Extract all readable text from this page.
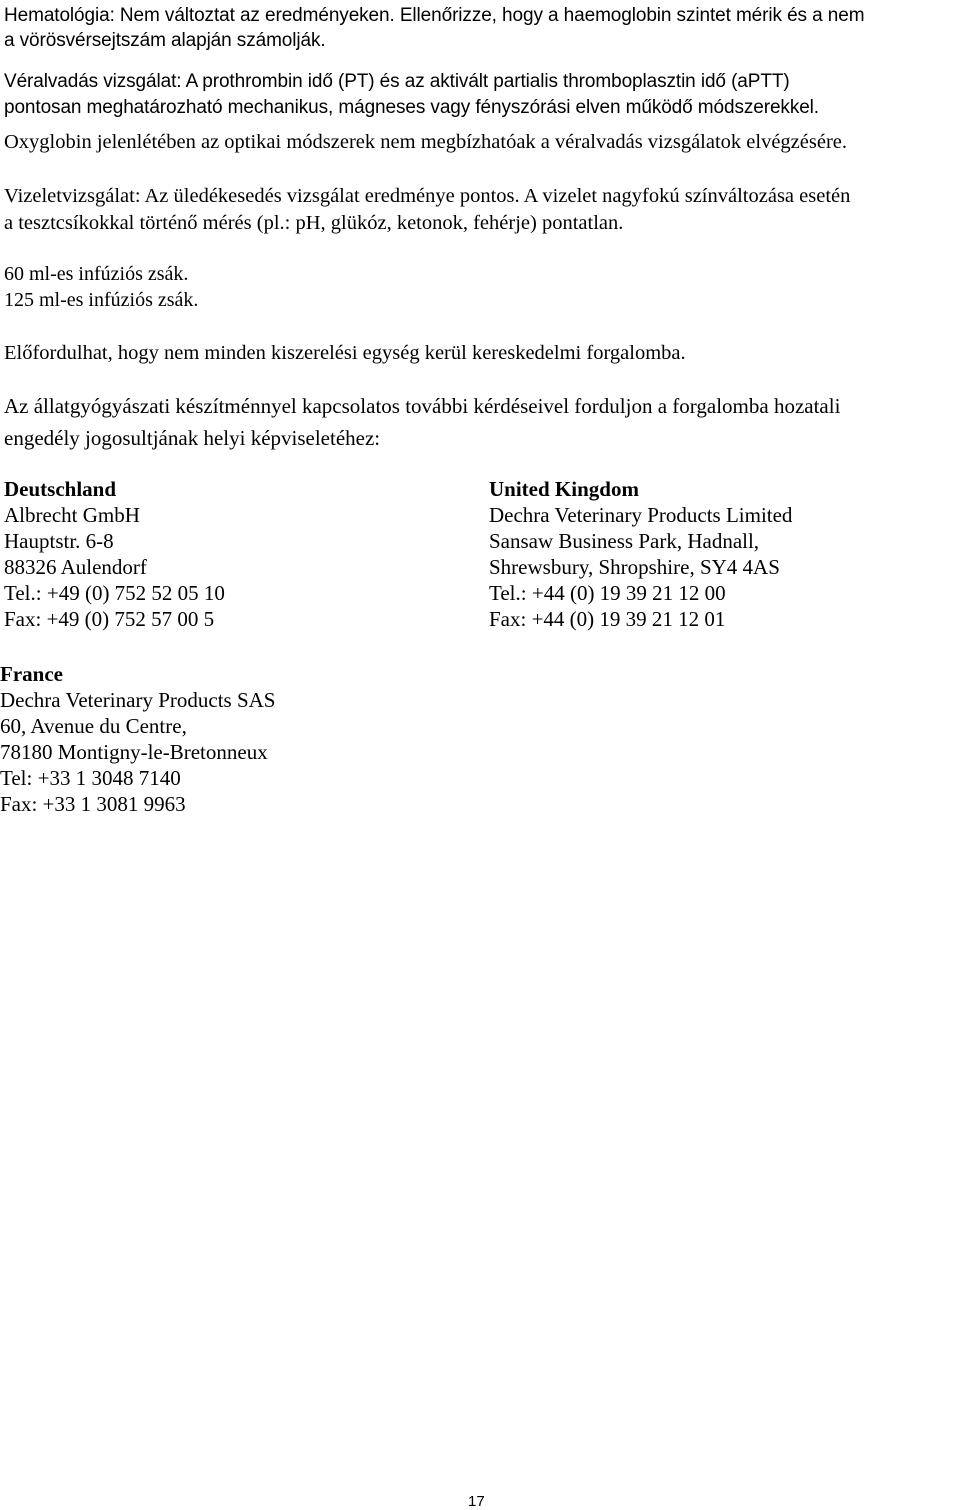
Hematológia: Nem változtat az eredményeken. Ellenőrizze, hogy a haemoglobin szintet mérik és a nem

a vörösvérsejtszám alapján számolják.

Véralvadás vizsgálat: A prothrombin idő (PT) és az aktivált partialis thromboplasztin idő (aPTT)

pontosan meghatározható mechanikus, mágneses vagy fényszórási elven működő módszerekkel.

Oxyglobin jelenlétében az optikai módszerek nem megbízhatóak a véralvadás vizsgálatok elvégzésére.

Vizeletvizsgálat: Az üledékesedés vizsgálat eredménye pontos. A vizelet nagyfokú színváltozása esetén

a tesztcsíkokkal történő mérés (pl.: pH, glükóz, ketonok, fehérje) pontatlan.

60 ml-es infúziós zsák.

125 ml-es infúziós zsák.

Előfordulhat, hogy nem minden kiszerelési egység kerül kereskedelmi forgalomba.

Az állatgyógyászati készítménnyel kapcsolatos további kérdéseivel forduljon a forgalomba hozatali

engedély jogosultjának helyi képviseletéhez:

Deutschland
Albrecht GmbH
Hauptstr. 6-8
88326 Aulendorf
Tel.: +49 (0) 752 52 05 10
Fax: +49 (0) 752 57 00 5
United Kingdom
Dechra Veterinary Products Limited
Sansaw Business Park, Hadnall,
Shrewsbury, Shropshire, SY4 4AS
Tel.: +44 (0) 19 39 21 12 00
Fax: +44 (0) 19 39 21 12 01
France
Dechra Veterinary Products SAS
60, Avenue du Centre,
78180 Montigny-le-Bretonneux
Tel: +33 1 3048 7140
Fax: +33 1 3081 9963
17
